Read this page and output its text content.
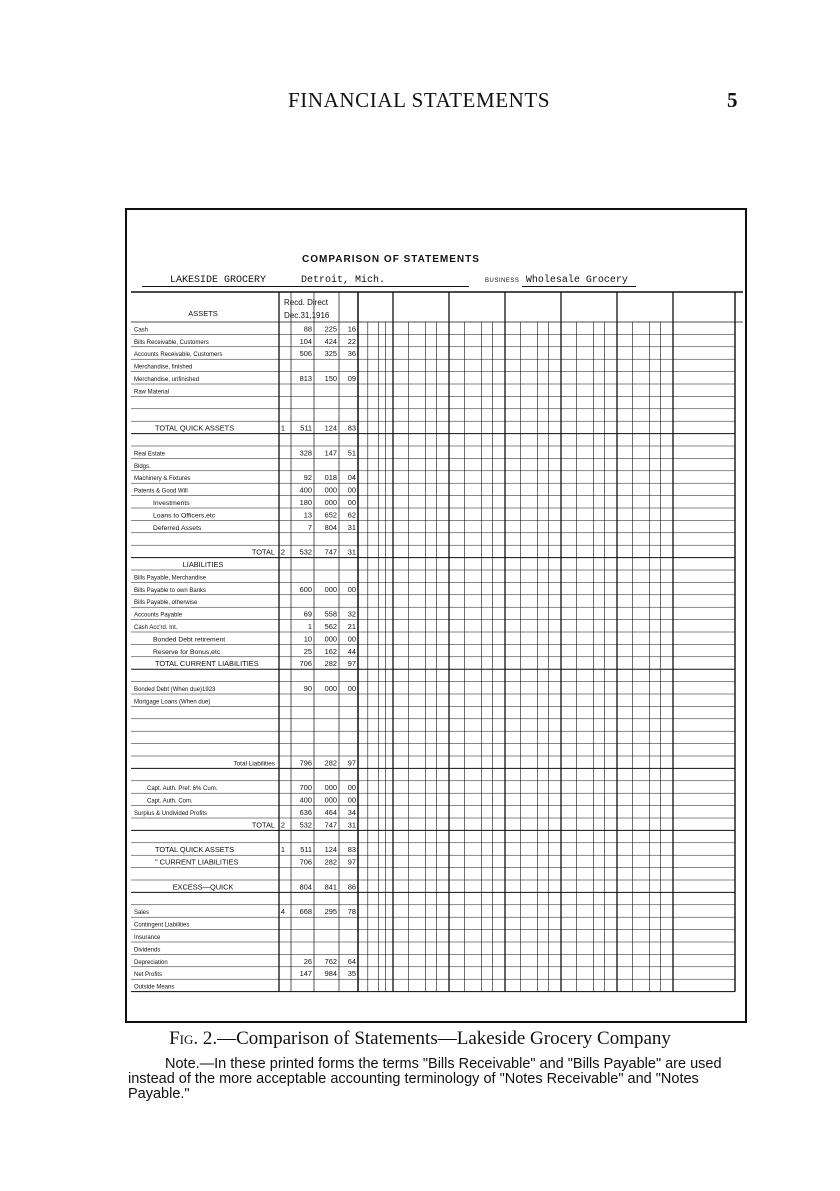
FINANCIAL STATEMENTS	5
COMPARISON OF STATEMENTS
LAKESIDE GROCERY	Detroit, Mich.	BUSINESS Wholesale Grocery
Recd. Direct
Dec.31,1916
ASSETS
Cash	88 225 16
Bills Receivable, Customers	104 424 22
Accounts Receivable, Customers	506 325 36
Merchandise, finished
Merchandise, unfinished	813 150 09
Raw Material
TOTAL QUICK ASSETS	1 511 124 83
Real Estate	328 147 51
Bldgs.
Machinery & Fixtures	92 018 04
Patents & Good Will	400 000 00
Investments	180 000 00
Loans to Officers,etc	13 652 62
Deferred Assets	7 804 31
TOTAL 2 532 747 31
LIABILITIES
Bills Payable, Merchandise
Bills Payable to own Banks	600 000 00
Bills Payable, otherwise
Accounts Payable	69 558 32
Cash Acc'rd. Int.	1 562 21
Bonded Debt retirement	10 000 00
Reserve for Bonus,etc	25 162 44
TOTAL CURRENT LIABILITIES	706 282 97
Bonded Debt (When due)1923	90 000 00
Mortgage Loans (When due)
Total Liabilities	796 282 97
Capt. Auth. Pref. 6% Cum.	700 000 00
Capt. Auth. Com.	400 000 00
Surplus & Undivided Profits	636 464 34
TOTAL 2 532 747 31
TOTAL QUICK ASSETS	1 511 124 83
" CURRENT LIABILITIES	706 282 97
EXCESS—QUICK	804 841 86
Sales	4 668 295 78
Contingent Liabilities
Insurance
Dividends
Depreciation	26 762 64
Net Profits	147 984 35
Outside Means
Fig. 2.—Comparison of Statements—Lakeside Grocery Company
Note.—In these printed forms the terms "Bills Receivable" and "Bills Payable" are used instead of the more acceptable accounting terminology of "Notes Receivable" and "Notes Payable."
